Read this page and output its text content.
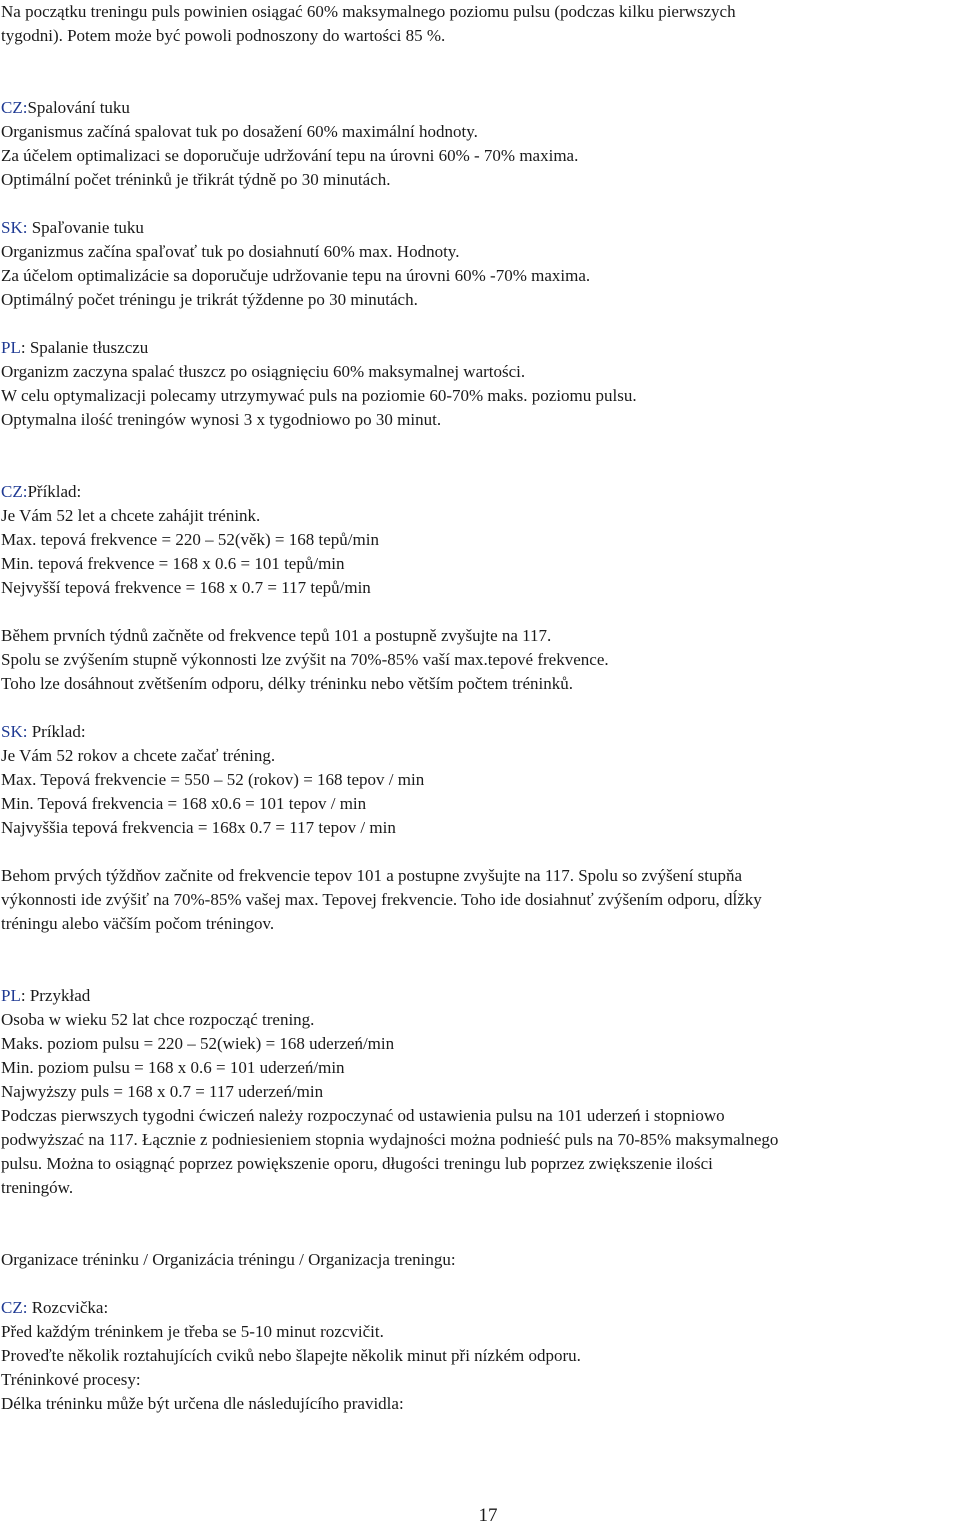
Na początku treningu puls powinien osiągać 60% maksymalnego poziomu pulsu (podczas kilku pierwszych

tygodni). Potem może być powoli podnoszony do wartości 85 %.

CZ:Spalování tuku

Organismus začíná spalovat tuk po dosažení 60% maximální hodnoty.

Za účelem optimalizaci se doporučuje udržování tepu na úrovni 60% - 70% maxima.

Optimální počet tréninků je třikrát týdně po 30 minutách.

SK: Spaľovanie tuku

Organizmus začína spaľovať tuk po dosiahnutí 60% max. Hodnoty.

Za účelom optimalizácie sa doporučuje udržovanie tepu na úrovni 60% -70% maxima.

Optimálný počet tréningu je trikrát týždenne po 30 minutách.

PL: Spalanie tłuszczu

Organizm zaczyna spalać tłuszcz po osiągnięciu 60% maksymalnej wartości.

W celu optymalizacji polecamy utrzymywać puls na poziomie 60-70% maks. poziomu pulsu.

Optymalna ilość treningów wynosi 3 x tygodniowo po 30 minut.

CZ:Příklad:

Je Vám 52 let a chcete zahájit trénink.

Max. tepová frekvence = 220 – 52(věk) = 168 tepů/min

Min. tepová frekvence = 168 x 0.6 = 101 tepů/min

Nejvyšší tepová frekvence = 168 x 0.7 = 117 tepů/min

Během prvních týdnů začněte od frekvence tepů 101 a postupně zvyšujte na 117.

Spolu se zvýšením stupně výkonnosti lze zvýšit na 70%-85% vaší max.tepové frekvence.

Toho lze dosáhnout zvětšením odporu, délky tréninku nebo větším počtem tréninků.

SK: Príklad:

Je Vám 52 rokov a chcete začať tréning.

Max. Tepová frekvencie = 550 – 52 (rokov) = 168 tepov / min

Min. Tepová frekvencia = 168 x0.6 = 101 tepov / min

Najvyššia tepová frekvencia = 168x 0.7 = 117 tepov / min

Behom prvých týždňov začnite od frekvencie tepov 101 a postupne zvyšujte na 117. Spolu so zvýšení stupňa

výkonnosti ide zvýšiť na 70%-85% vašej max. Tepovej frekvencie. Toho ide dosiahnuť zvýšením odporu, dĺžky

tréningu alebo väčším počom tréningov.

PL: Przykład

Osoba w wieku 52 lat chce rozpocząć trening.

Maks. poziom pulsu = 220 – 52(wiek) = 168 uderzeń/min

Min. poziom pulsu = 168 x 0.6 = 101 uderzeń/min

Najwyższy puls = 168 x 0.7 = 117 uderzeń/min

Podczas pierwszych tygodni ćwiczeń należy rozpoczynać od ustawienia pulsu na 101 uderzeń i stopniowo

podwyższać na 117. Łącznie z podniesieniem stopnia wydajności można podnieść puls na 70-85% maksymalnego

pulsu. Można to osiągnąć poprzez powiększenie oporu, długości treningu lub poprzez zwiększenie ilości

treningów.

Organizace tréninku / Organizácia tréningu / Organizacja treningu:

CZ: Rozcvička:

Před každým tréninkem je třeba se 5-10 minut rozcvičit.

Proveďte několik roztahujících cviků nebo šlapejte několik minut při nízkém odporu.

Tréninkové procesy:

Délka tréninku může být určena dle následujícího pravidla:

17
